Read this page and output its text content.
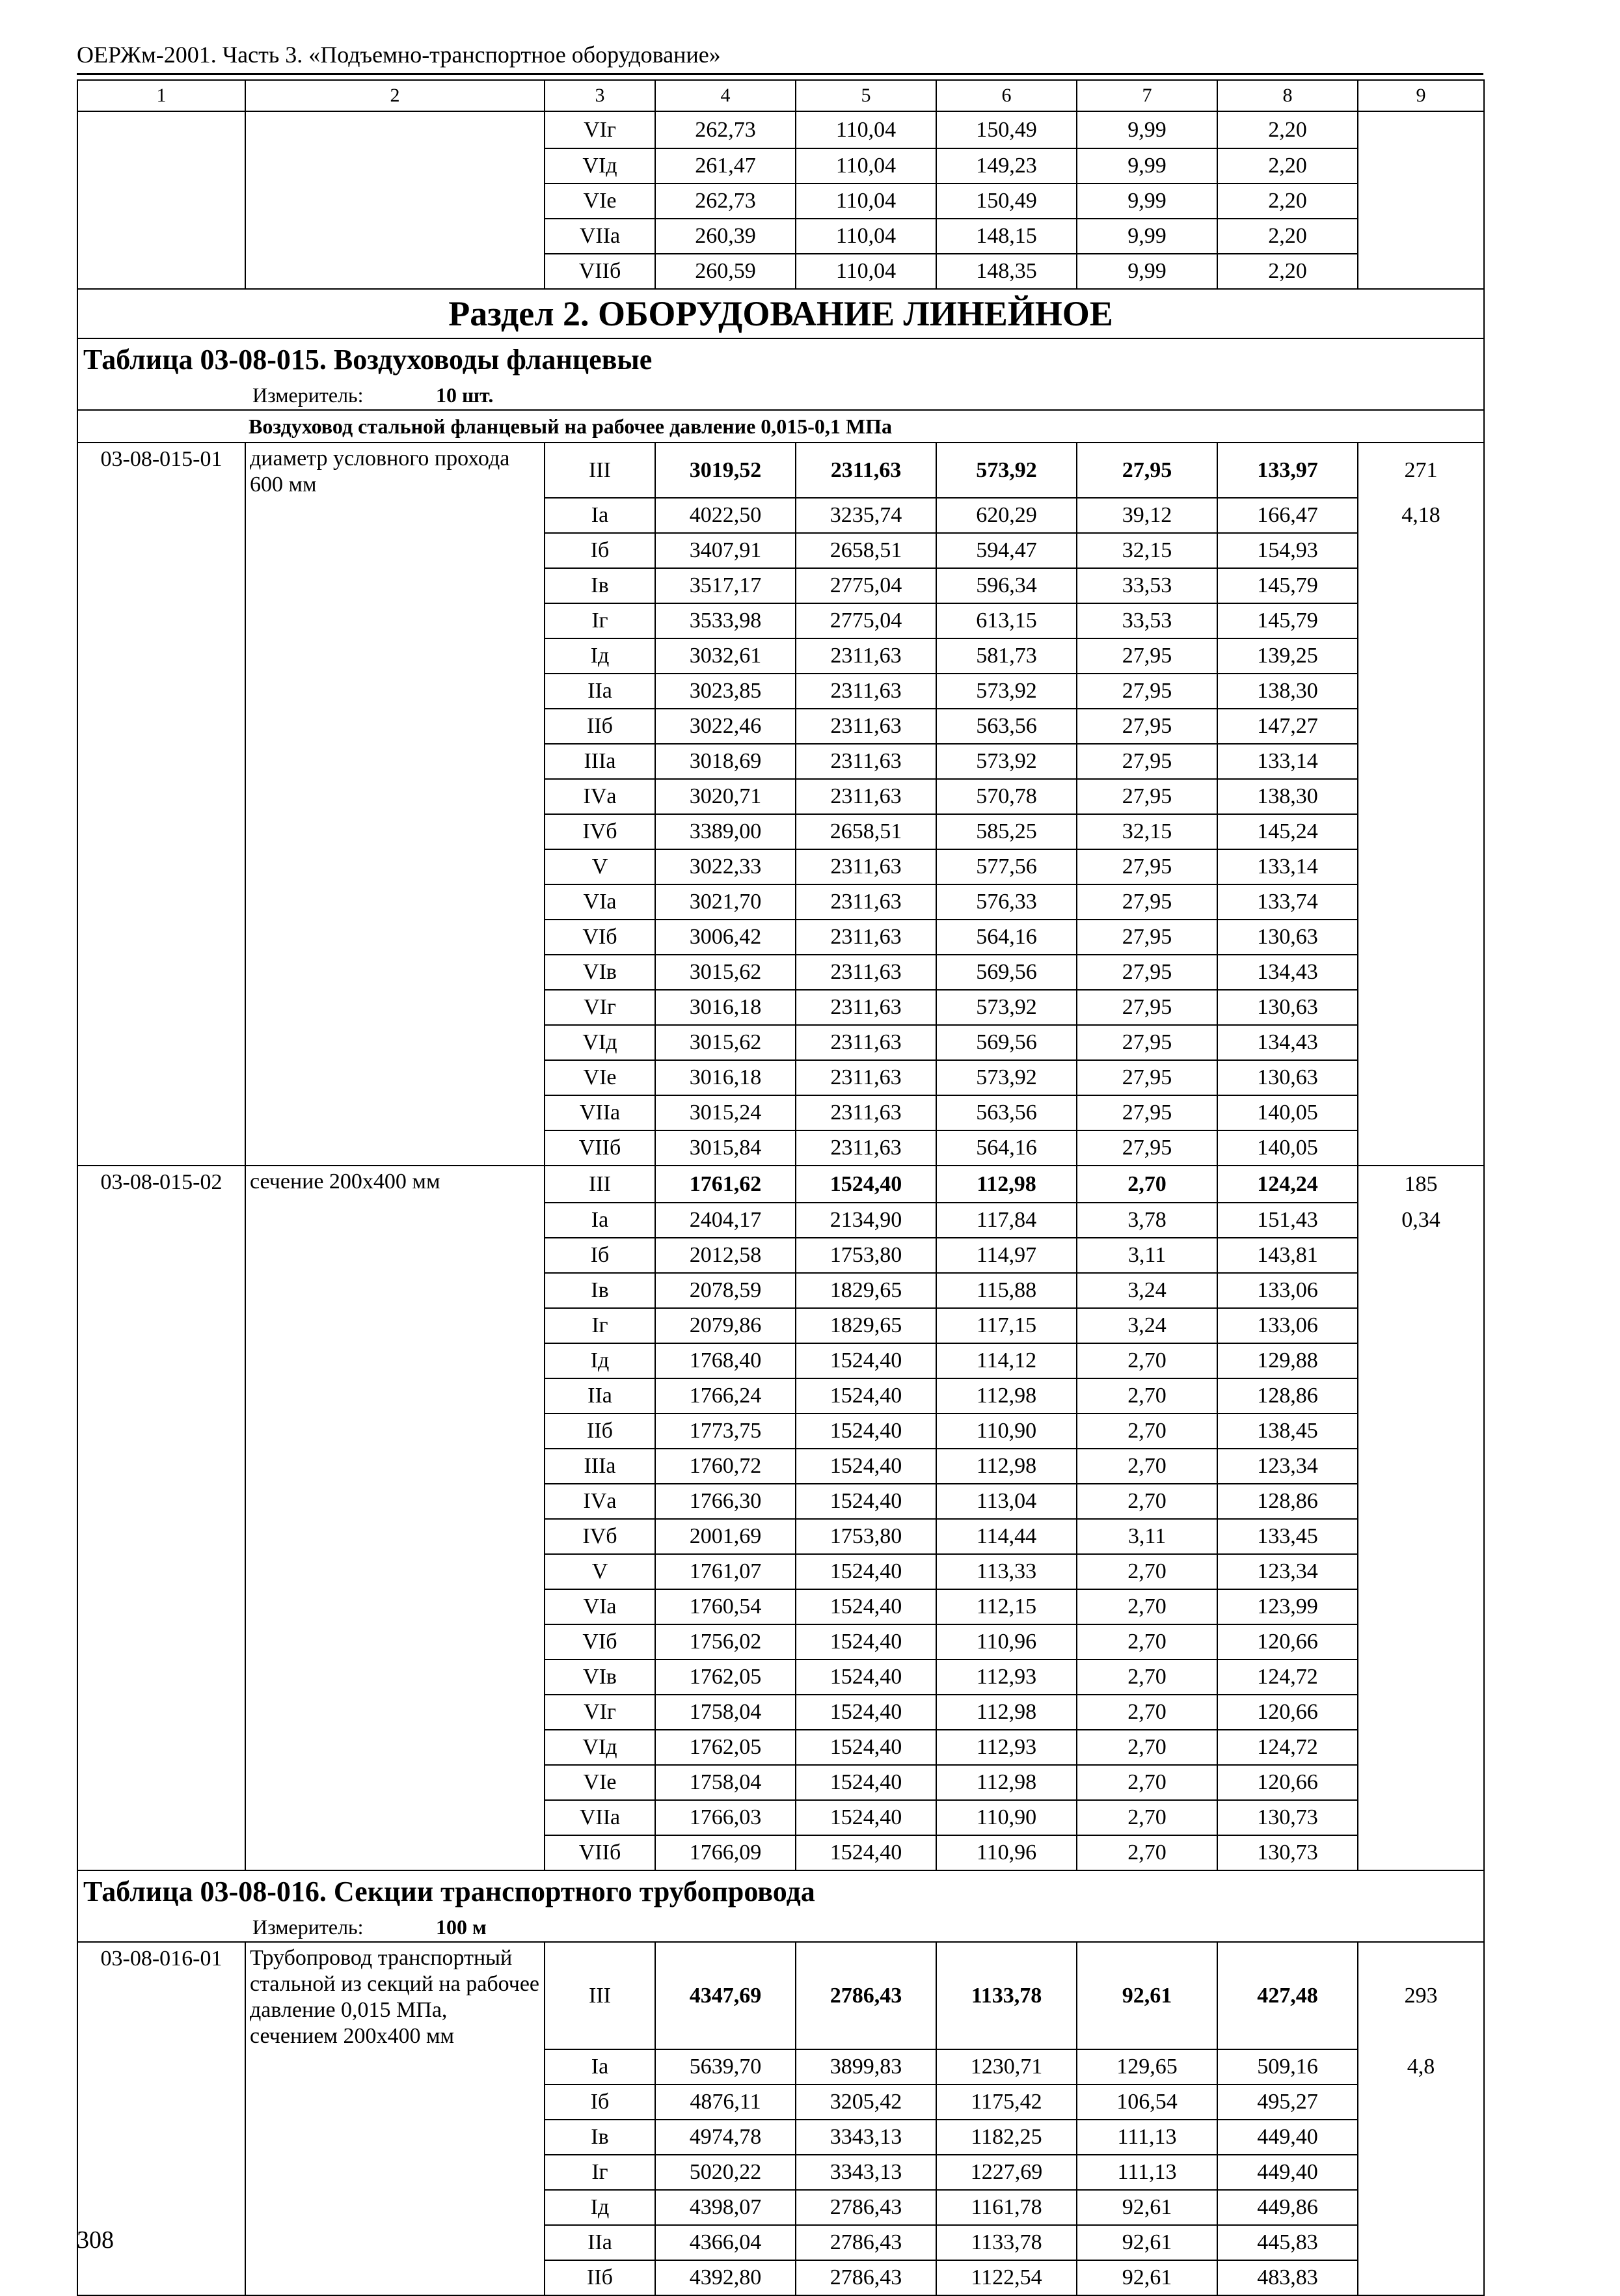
ОЕРЖм-2001. Часть 3. «Подъемно-транспортное оборудование»
1	2	3	4	5	6	7	8	9
		VIг	262,73	110,04	150,49	9,99	2,20	
		VIд	261,47	110,04	149,23	9,99	2,20	
		VIе	262,73	110,04	150,49	9,99	2,20	
		VIIа	260,39	110,04	148,15	9,99	2,20	
		VIIб	260,59	110,04	148,35	9,99	2,20	
Раздел 2. ОБОРУДОВАНИЕ ЛИНЕЙНОЕ								
Таблица 03-08-015. Воздуховоды фланцевые								
Измеритель: 10 шт.								
Воздуховод стальной фланцевый на рабочее давление 0,015-0,1 МПа								
03-08-015-01	диаметр условного прохода 600 мм	III	3019,52	2311,63	573,92	27,95	133,97	271
		Iа	4022,50	3235,74	620,29	39,12	166,47	4,18
		Iб	3407,91	2658,51	594,47	32,15	154,93	
		Iв	3517,17	2775,04	596,34	33,53	145,79	
		Iг	3533,98	2775,04	613,15	33,53	145,79	
		Iд	3032,61	2311,63	581,73	27,95	139,25	
		IIа	3023,85	2311,63	573,92	27,95	138,30	
		IIб	3022,46	2311,63	563,56	27,95	147,27	
		IIIа	3018,69	2311,63	573,92	27,95	133,14	
		IVа	3020,71	2311,63	570,78	27,95	138,30	
		IVб	3389,00	2658,51	585,25	32,15	145,24	
		V	3022,33	2311,63	577,56	27,95	133,14	
		VIа	3021,70	2311,63	576,33	27,95	133,74	
		VIб	3006,42	2311,63	564,16	27,95	130,63	
		VIв	3015,62	2311,63	569,56	27,95	134,43	
		VIг	3016,18	2311,63	573,92	27,95	130,63	
		VIд	3015,62	2311,63	569,56	27,95	134,43	
		VIе	3016,18	2311,63	573,92	27,95	130,63	
		VIIа	3015,24	2311,63	563,56	27,95	140,05	
		VIIб	3015,84	2311,63	564,16	27,95	140,05	
03-08-015-02	сечение 200х400 мм	III	1761,62	1524,40	112,98	2,70	124,24	185
		Iа	2404,17	2134,90	117,84	3,78	151,43	0,34
		Iб	2012,58	1753,80	114,97	3,11	143,81	
		Iв	2078,59	1829,65	115,88	3,24	133,06	
		Iг	2079,86	1829,65	117,15	3,24	133,06	
		Iд	1768,40	1524,40	114,12	2,70	129,88	
		IIа	1766,24	1524,40	112,98	2,70	128,86	
		IIб	1773,75	1524,40	110,90	2,70	138,45	
		IIIа	1760,72	1524,40	112,98	2,70	123,34	
		IVа	1766,30	1524,40	113,04	2,70	128,86	
		IVб	2001,69	1753,80	114,44	3,11	133,45	
		V	1761,07	1524,40	113,33	2,70	123,34	
		VIа	1760,54	1524,40	112,15	2,70	123,99	
		VIб	1756,02	1524,40	110,96	2,70	120,66	
		VIв	1762,05	1524,40	112,93	2,70	124,72	
		VIг	1758,04	1524,40	112,98	2,70	120,66	
		VIд	1762,05	1524,40	112,93	2,70	124,72	
		VIе	1758,04	1524,40	112,98	2,70	120,66	
		VIIа	1766,03	1524,40	110,90	2,70	130,73	
		VIIб	1766,09	1524,40	110,96	2,70	130,73	
Таблица 03-08-016. Секции транспортного трубопровода								
Измеритель: 100 м								
03-08-016-01	Трубопровод транспортный стальной из секций на рабочее давление 0,015 МПа, сечением 200х400 мм	III	4347,69	2786,43	1133,78	92,61	427,48	293
		Iа	5639,70	3899,83	1230,71	129,65	509,16	4,8
		Iб	4876,11	3205,42	1175,42	106,54	495,27	
		Iв	4974,78	3343,13	1182,25	111,13	449,40	
		Iг	5020,22	3343,13	1227,69	111,13	449,40	
		Iд	4398,07	2786,43	1161,78	92,61	449,86	
		IIа	4366,04	2786,43	1133,78	92,61	445,83	
		IIб	4392,80	2786,43	1122,54	92,61	483,83	
308
